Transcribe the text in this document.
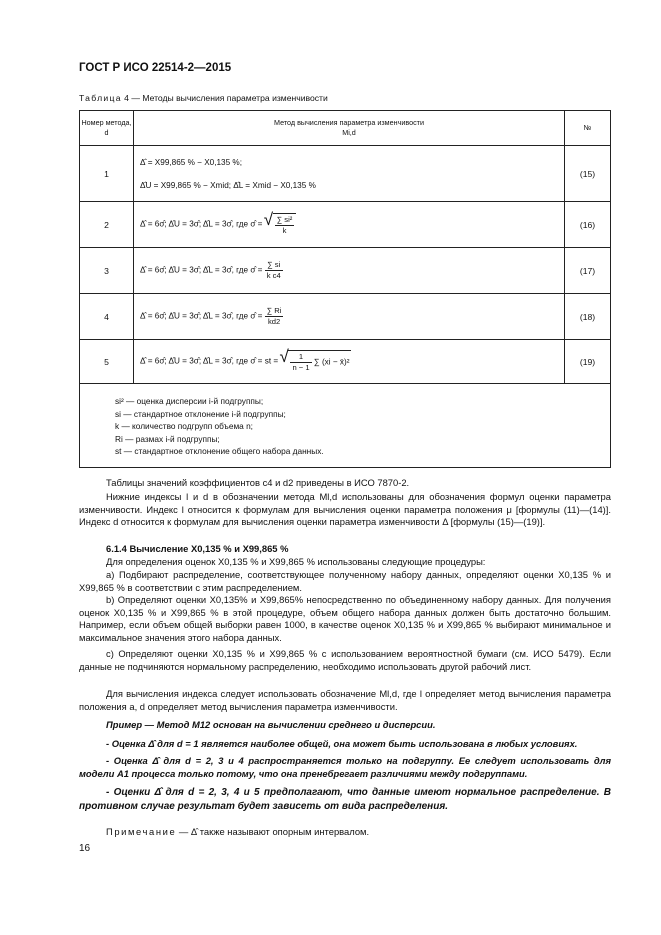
ГОСТ Р ИСО 22514-2—2015
Таблица 4 — Методы вычисления параметра изменчивости
Номер метода, d	Метод вычисления параметра изменчивости
Mi,d	№
1	Δ̂ = X99,865 % − X0,135 %;
Δ̂U = X99,865 % − Xmid; Δ̂L = Xmid − X0,135 %	(15)
2	Δ̂ = 6σ̂; Δ̂U = 3σ̂; Δ̂L = 3σ̂, где σ̂ = √ $\frac{\text{∑ si²}}{k}$	(16)
3	Δ̂ = 6σ̂; Δ̂U = 3σ̂; Δ̂L = 3σ̂, где σ̂ = $\frac{\sum si}{\text{k c4}}$	(17)
4	Δ̂ = 6σ̂; Δ̂U = 3σ̂; Δ̂L = 3σ̂, где σ̂ = $\frac{\sum Ri}{kd2}$	(18)
5	Δ̂ = 6σ̂; Δ̂U = 3σ̂; Δ̂L = 3σ̂, где σ̂ = st = √ $\frac{1}{n - 1}$ ∑ (xi − x̄)²	(19)

si² — оценка дисперсии i-й подгруппы;
si — стандартное отклонение i-й подгруппы;
k — количество подгрупп объема n;
Ri — размах i-й подгруппы;
st — стандартное отклонение общего набора данных.		
Таблицы значений коэффициентов c4 и d2 приведены в ИСО 7870-2.
Нижние индексы l и d в обозначении метода Ml,d использованы для обозначения формул оценки параметра изменчивости. Индекс l относится к формулам для вычисления оценки параметра положения μ [формулы (11)—(14)]. Индекс d относится к формулам для вычисления оценки параметра изменчивости Δ [формулы (15)—(19)].
6.1.4 Вычисление X0,135 % и X99,865 %
Для определения оценок X0,135 % и X99,865 % использованы следующие процедуры:
a) Подбирают распределение, соответствующее полученному набору данных, определяют оценки X0,135 % и X99,865 % в соответствии с этим распределением.
b) Определяют оценки X0,135% и X99,865% непосредственно по объединенному набору данных. Для получения оценок X0,135 % и X99,865 % в этой процедуре, объем общего набора данных должен быть достаточно большим. Например, если объем общей выборки равен 1000, в качестве оценок X0,135 % и X99,865 % выбирают минимальное и максимальное значения этого набора данных.
c) Определяют оценки X0,135 % и X99,865 % с использованием вероятностной бумаги (см. ИСО 5479). Если данные не подчиняются нормальному распределению, необходимо использовать другой рабочий лист.
Для вычисления индекса следует использовать обозначение Ml,d, где l определяет метод вычисления параметра положения a, d определяет метод вычисления параметра изменчивости.
Пример — Метод M12 основан на вычислении среднего и дисперсии.
- Оценка Δ̂ для d = 1 является наиболее общей, она может быть использована в любых условиях.
- Оценка Δ̂ для d = 2, 3 и 4 распространяется только на подгруппу. Ее следует использовать для модели A1 процесса только потому, что она пренебрегает различиями между подгруппами.
- Оценки Δ̂ для d = 2, 3, 4 и 5 предполагают, что данные имеют нормальное распределение. В противном случае результат будет зависеть от вида распределения.
Примечание — Δ̂ также называют опорным интервалом.
16
